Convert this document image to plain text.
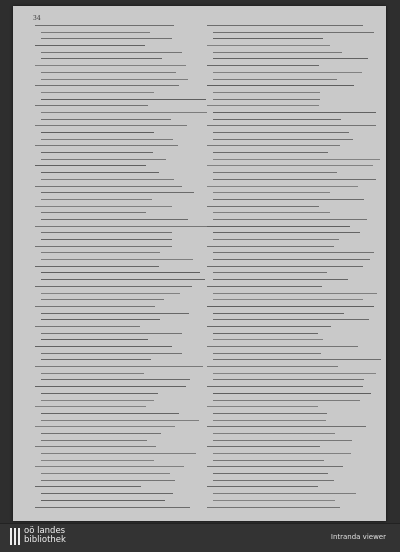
34
oö landes
bibliothek	Intranda viewer
